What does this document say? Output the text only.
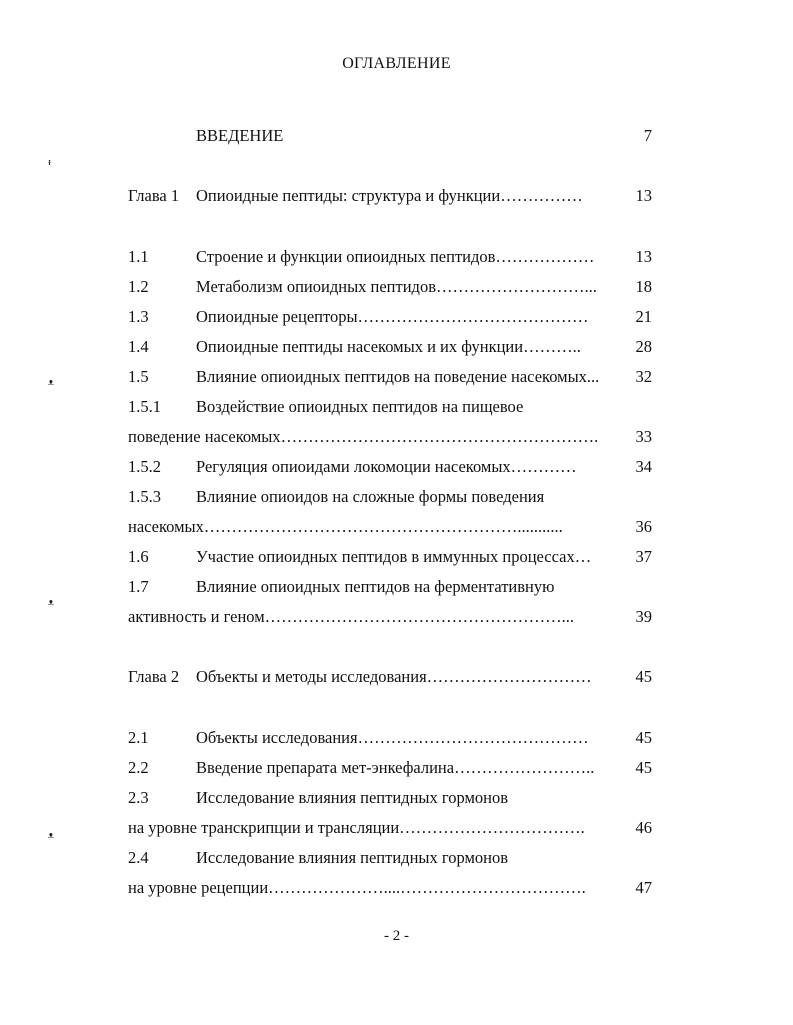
ОГЛАВЛЕНИЕ
ВВЕДЕНИЕ	7
Глава 1 Опиоидные пептиды: структура и функции……………	13
1.1	Строение и функции опиоидных пептидов……………… 13
1.2	Метаболизм опиоидных пептидов………………………... 18
1.3	Опиоидные рецепторы……………………………………	21
1.4	Опиоидные пептиды насекомых и их функции………..	28
1.5	Влияние опиоидных пептидов на поведение насекомых... 32
1.5.1 Воздействие опиоидных пептидов на пищевое
поведение насекомых…………………………………………………. 33
1.5.2 Регуляция опиоидами локомоции насекомых…………	34
1.5.3 Влияние опиоидов на сложные формы поведения
насекомых…………………………………………………...........	36
1.6	Участие опиоидных пептидов в иммунных процессах…	37
1.7	Влияние опиоидных пептидов на ферментативную
активность и геном………………………………………………...	39
Глава 2 Объекты и методы исследования…………………………	45
2.1	Объекты исследования……………………………………	45
2.2	Введение препарата мет-энкефалина…………………….. 45
2.3	Исследование влияния пептидных гормонов
на уровне транскрипции и трансляции…………………………….	46
2.4	Исследование влияния пептидных гормонов
на уровне рецепции…………………....…………………………….	47
- 2 -
ᵻ
ᴥ
ᴥ
ᴥ
